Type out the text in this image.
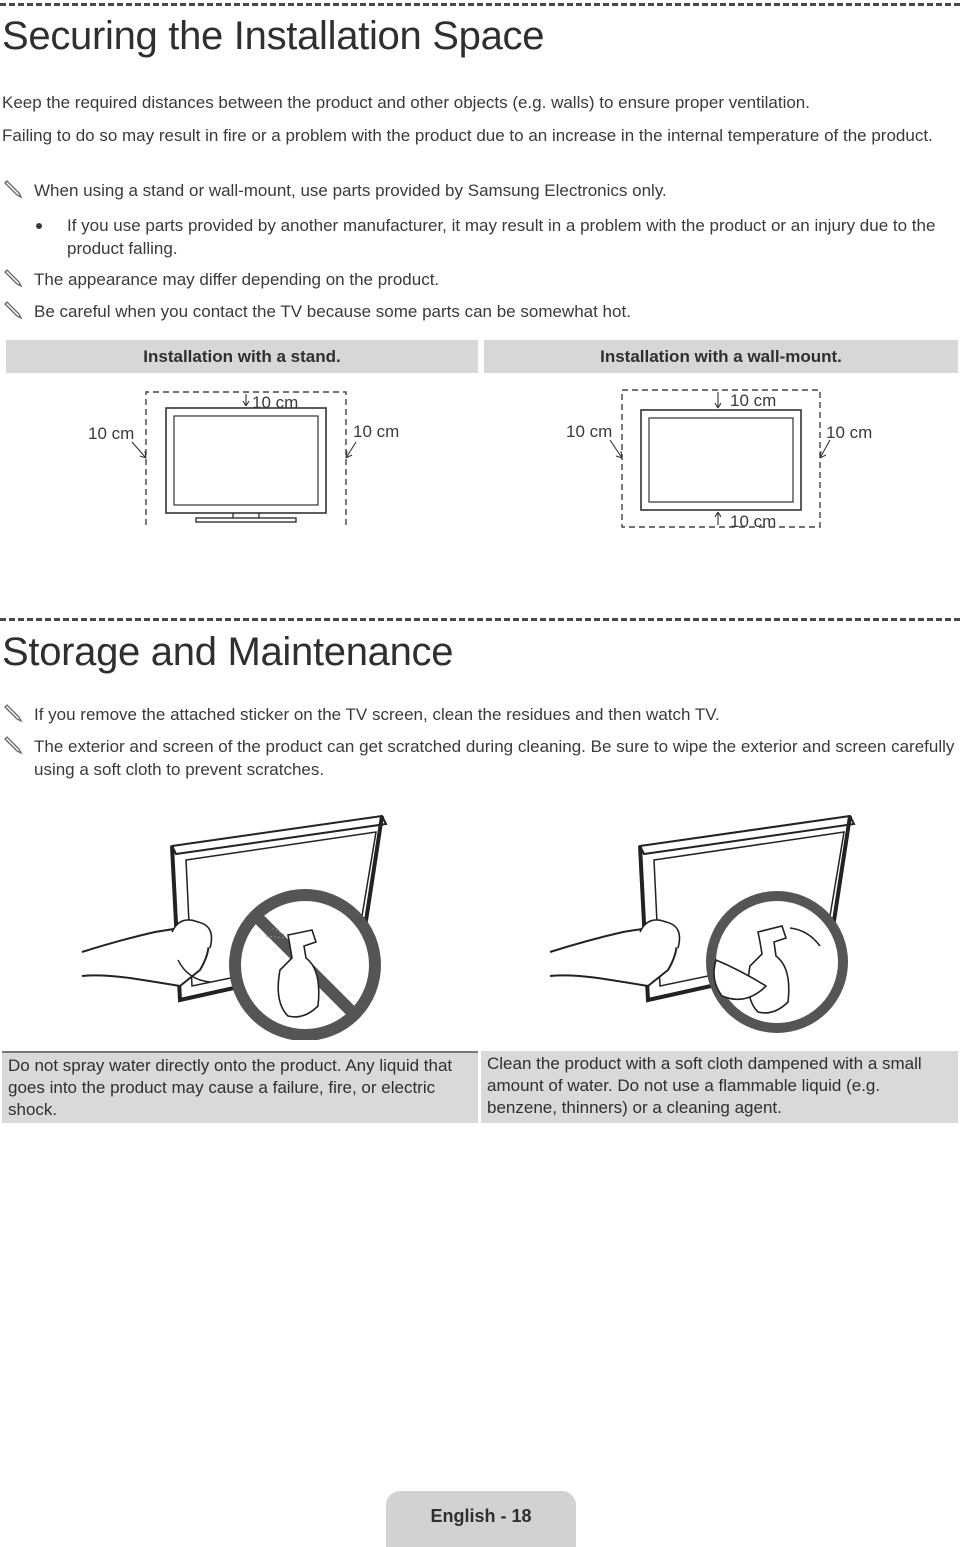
Securing the Installation Space

Keep the required distances between the product and other objects (e.g. walls) to ensure proper ventilation.

Failing to do so may result in fire or a problem with the product due to an increase in the internal temperature of the product.

When using a stand or wall-mount, use parts provided by Samsung Electronics only.
If you use parts provided by another manufacturer, it may result in a problem with the product or an injury due to the product falling.
The appearance may differ depending on the product.
Be careful when you contact the TV because some parts can be somewhat hot.
Installation with a stand.	Installation with a wall-mount.
10 cm
10 cm
10 cm	10 cm
10 cm
10 cm
10 cm
Storage and Maintenance
If you remove the attached sticker on the TV screen, clean the residues and then watch TV.
The exterior and screen of the product can get scratched during cleaning. Be sure to wipe the exterior and screen carefully using a soft cloth to prevent scratches.
Do not spray water directly onto the product. Any liquid that goes into the product may cause a failure, fire, or electric shock.
Clean the product with a soft cloth dampened with a small amount of water. Do not use a flammable liquid (e.g. benzene, thinners) or a cleaning agent.
English - 18
